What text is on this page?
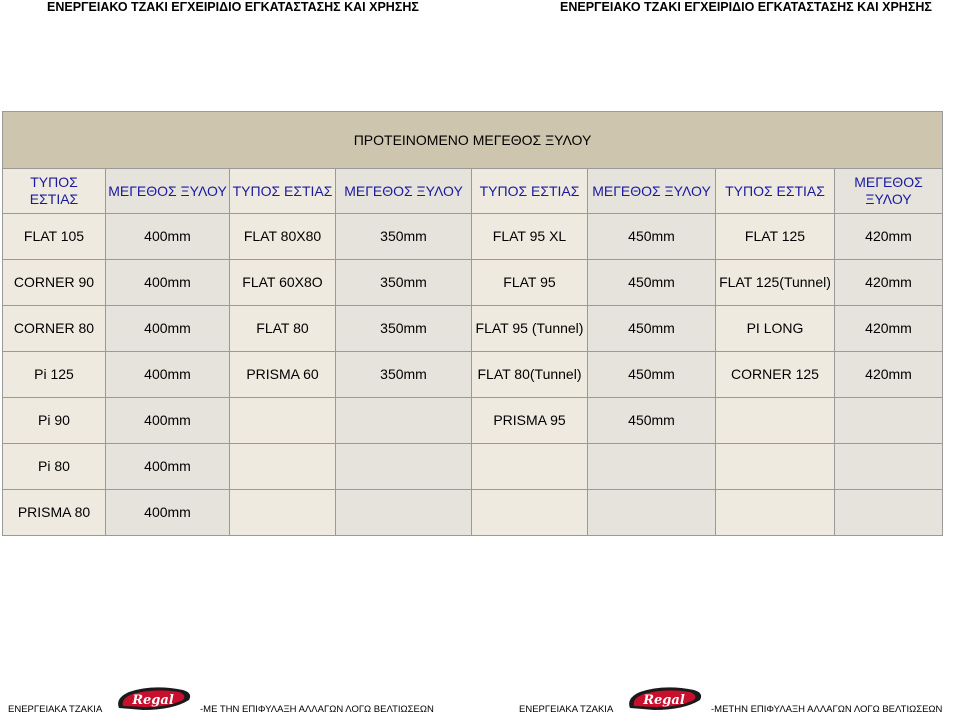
ΕΝΕΡΓΕΙΑΚΟ ΤΖΑΚΙ ΕΓΧΕΙΡΙΔΙΟ ΕΓΚΑΤΑΣΤΑΣΗΣ ΚΑΙ ΧΡΗΣΗΣ	ΕΝΕΡΓΕΙΑΚΟ ΤΖΑΚΙ ΕΓΧΕΙΡΙΔΙΟ ΕΓΚΑΤΑΣΤΑΣΗΣ ΚΑΙ ΧΡΗΣΗΣ
ΠΡΟΤΕΙΝΟΜΕΝΟ ΜΕΓΕΘΟΣ ΞΥΛΟΥ							
ΤΥΠΟΣ ΕΣΤΙΑΣ	ΜΕΓΕΘΟΣ ΞΥΛΟΥ	ΤΥΠΟΣ ΕΣΤΙΑΣ	ΜΕΓΕΘΟΣ ΞΥΛΟΥ	ΤΥΠΟΣ ΕΣΤΙΑΣ	ΜΕΓΕΘΟΣ ΞΥΛΟΥ	ΤΥΠΟΣ ΕΣΤΙΑΣ	ΜΕΓΕΘΟΣ ΞΥΛΟΥ
FLAT 105	400mm	FLAT 80X80	350mm	FLAT 95 XL	450mm	FLAT 125	420mm
CORNER 90	400mm	FLAT 60X8O	350mm	FLAT 95	450mm	FLAT 125(Tunnel)	420mm
CORNER 80	400mm	FLAT 80	350mm	FLAT 95 (Tunnel)	450mm	PI LONG	420mm
Pi 125	400mm	PRISMA 60	350mm	FLAT 80(Tunnel)	450mm	CORNER 125	420mm
Pi 90	400mm			PRISMA 95	450mm		
Pi 80	400mm						
PRISMA 80	400mm						
ΕΝΕΡΓΕΙΑΚΑ ΤΖΑΚΙΑ
Regal
-ΜΕ ΤΗΝ ΕΠΙΦΥΛΑΞΗ ΑΛΛΑΓΩΝ ΛΟΓΩ ΒΕΛΤΙΩΣΕΩΝ	ΕΝΕΡΓΕΙΑΚΑ ΤΖΑΚΙΑ
Regal
-ΜΕΤΗΝ ΕΠΙΦΥΛΑΞΗ ΑΛΛΑΓΩΝ ΛΟΓΩ ΒΕΛΤΙΩΣΕΩΝ
